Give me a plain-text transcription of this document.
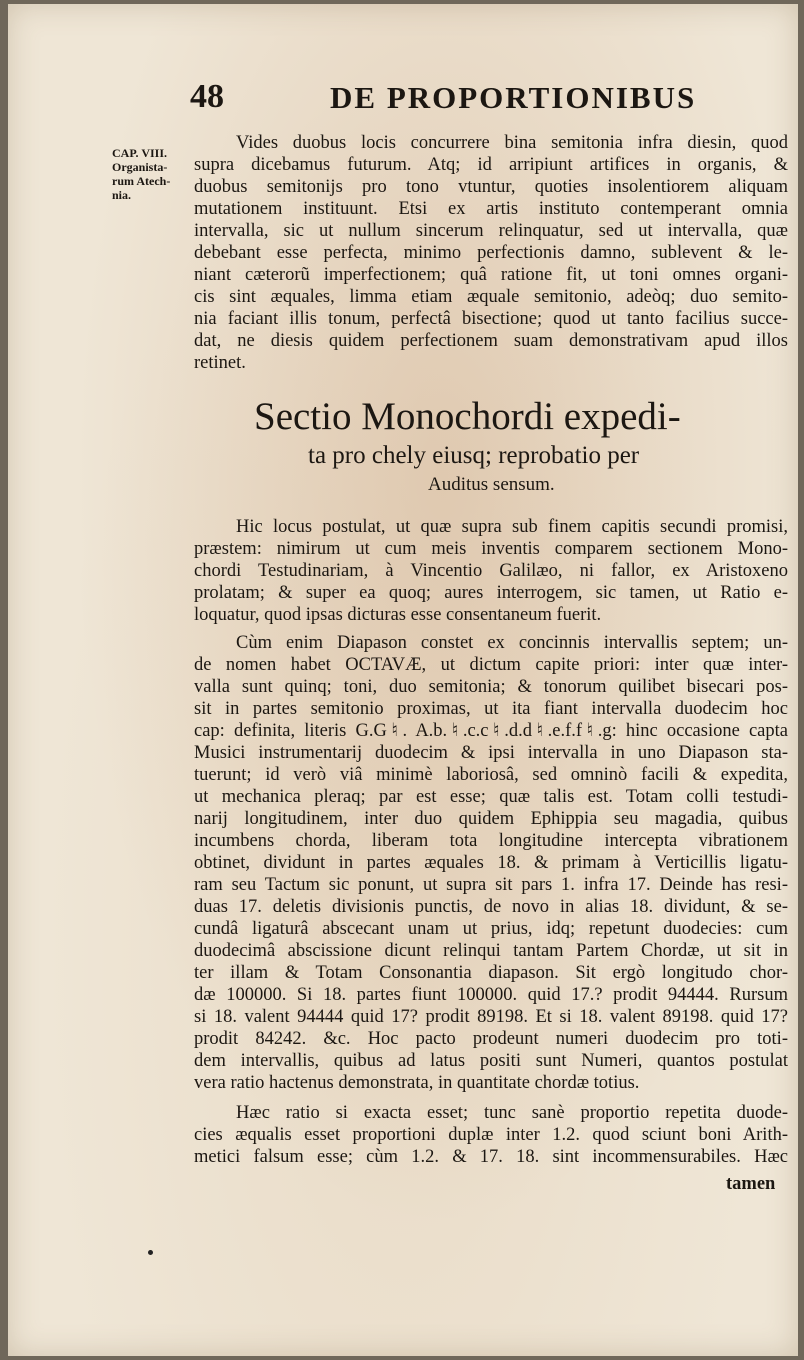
48	DE PROPORTIONIBUS
CAP. VIII.
Organista-
rum Atech-
nia.
Vides duobus locis concurrere bina semitonia infra diesin, quod
supra dicebamus futurum. Atq; id arripiunt artifices in organis, &
duobus semitonijs pro tono vtuntur, quoties insolentiorem aliquam
mutationem instituunt. Etsi ex artis instituto contemperant omnia
intervalla, sic ut nullum sincerum relinquatur, sed ut intervalla, quæ
debebant esse perfecta, minimo perfectionis damno, sublevent & le-
niant cæterorũ imperfectionem; quâ ratione fit, ut toni omnes organi-
cis sint æquales, limma etiam æquale semitonio, adeòq; duo semito-
nia faciant illis tonum, perfectâ bisectione; quod ut tanto facilius succe-
dat, ne diesis quidem perfectionem suam demonstrativam apud illos
retinet.
Sectio Monochordi expedi-
ta pro chely eiusq; reprobatio per
Auditus sensum.
Hic locus postulat, ut quæ supra sub finem capitis secundi promisi,
præstem: nimirum ut cum meis inventis comparem sectionem Mono-
chordi Testudinariam, à Vincentio Galilæo, ni fallor, ex Aristoxeno
prolatam; & super ea quoq; aures interrogem, sic tamen, ut Ratio e-
loquatur, quod ipsas dicturas esse consentaneum fuerit.
Cùm enim Diapason constet ex concinnis intervallis septem; un-
de nomen habet OCTAVÆ, ut dictum capite priori: inter quæ inter-
valla sunt quinq; toni, duo semitonia; & tonorum quilibet bisecari pos-
sit in partes semitonio proximas, ut ita fiant intervalla duodecim hoc
cap: definita, literis G.G♮. A.b.♮.c.c♮.d.d♮.e.f.f♮.g: hinc occasione capta
Musici instrumentarij duodecim & ipsi intervalla in uno Diapason sta-
tuerunt; id verò viâ minimè laboriosâ, sed omninò facili & expedita,
ut mechanica pleraq; par est esse; quæ talis est. Totam colli testudi-
narij longitudinem, inter duo quidem Ephippia seu magadia, quibus
incumbens chorda, liberam tota longitudine intercepta vibrationem
obtinet, dividunt in partes æquales 18. & primam à Verticillis ligatu-
ram seu Tactum sic ponunt, ut supra sit pars 1. infra 17. Deinde has resi-
duas 17. deletis divisionis punctis, de novo in alias 18. dividunt, & se-
cundâ ligaturâ abscecant unam ut prius, idq; repetunt duodecies: cum
duodecimâ abscissione dicunt relinqui tantam Partem Chordæ, ut sit in
ter illam & Totam Consonantia diapason. Sit ergò longitudo chor-
dæ 100000. Si 18. partes fiunt 100000. quid 17.? prodit 94444. Rursum
si 18. valent 94444 quid 17? prodit 89198. Et si 18. valent 89198. quid 17?
prodit 84242. &c. Hoc pacto prodeunt numeri duodecim pro toti-
dem intervallis, quibus ad latus positi sunt Numeri, quantos postulat
vera ratio hactenus demonstrata, in quantitate chordæ totius.
Hæc ratio si exacta esset; tunc sanè proportio repetita duode-
cies æqualis esset proportioni duplæ inter 1.2. quod sciunt boni Arith-
metici falsum esse; cùm 1.2. & 17. 18. sint incommensurabiles. Hæc
tamen
